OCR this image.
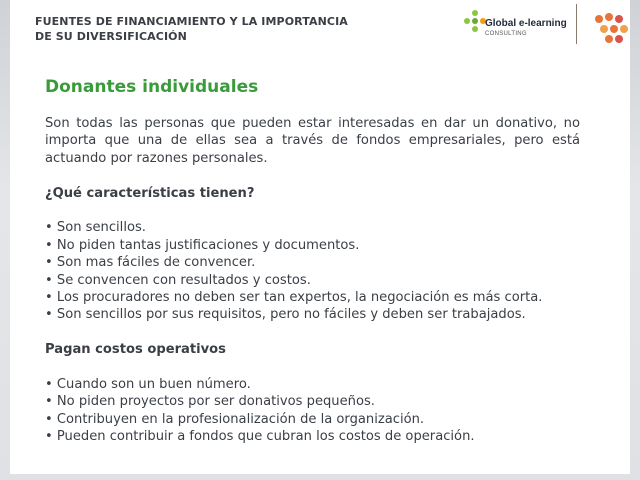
FUENTES DE FINANCIAMIENTO Y LA IMPORTANCIA
DE SU DIVERSIFICACIÓN
Global e-learning
CONSULTING
Donantes individuales

Son todas las personas que pueden estar interesadas en dar un donativo, no importa que una de ellas sea a través de fondos empresariales, pero está actuando por razones personales.

¿Qué características tienen?

• Son sencillos.

• No piden tantas justificaciones y documentos.

• Son mas fáciles de convencer.

• Se convencen con resultados y costos.

• Los procuradores no deben ser tan expertos, la negociación es más corta.

• Son sencillos por sus requisitos, pero no fáciles y deben ser trabajados.

Pagan costos operativos

• Cuando son un buen número.

• No piden proyectos por ser donativos pequeños.

• Contribuyen en la profesionalización de la organización.

• Pueden contribuir a fondos que cubran los costos de operación.
